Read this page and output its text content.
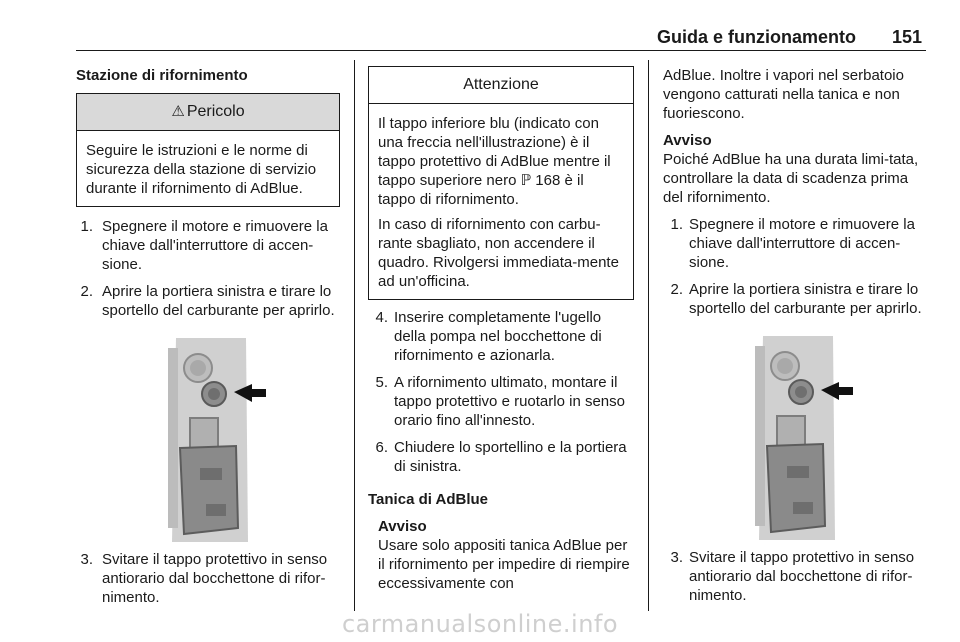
Guida e funzionamento 151
Stazione di rifornimento
⚠ Pericolo

Seguire le istruzioni e le norme di sicurezza della stazione di servizio durante il rifornimento di AdBlue.

1. Spegnere il motore e rimuovere la chiave dall'interruttore di accen-sione.
2. Aprire la portiera sinistra e tirare lo sportello del carburante per aprirlo.
3. Svitare il tappo protettivo in senso antiorario dal bocchettone di rifor-nimento.
Attenzione

Il tappo inferiore blu (indicato con una freccia nell'illustrazione) è il tappo protettivo di AdBlue mentre il tappo superiore nero ℙ 168 è il tappo di rifornimento.

In caso di rifornimento con carbu-rante sbagliato, non accendere il quadro. Rivolgersi immediata-mente ad un'officina.

4. Inserire completamente l'ugello della pompa nel bocchettone di rifornimento e azionarla.
5. A rifornimento ultimato, montare il tappo protettivo e ruotarlo in senso orario fino all'innesto.
6. Chiudere lo sportellino e la portiera di sinistra.
Tanica di AdBlue
Avviso
Usare solo appositi tanica AdBlue per il rifornimento per impedire di riempire eccessivamente con

AdBlue. Inoltre i vapori nel serbatoio vengono catturati nella tanica e non fuoriescono.

Avviso

Poiché AdBlue ha una durata limi-tata, controllare la data di scadenza prima del rifornimento.

1. Spegnere il motore e rimuovere la chiave dall'interruttore di accen-sione.
2. Aprire la portiera sinistra e tirare lo sportello del carburante per aprirlo.
3. Svitare il tappo protettivo in senso antiorario dal bocchettone di rifor-nimento.
carmanualsonline.info
